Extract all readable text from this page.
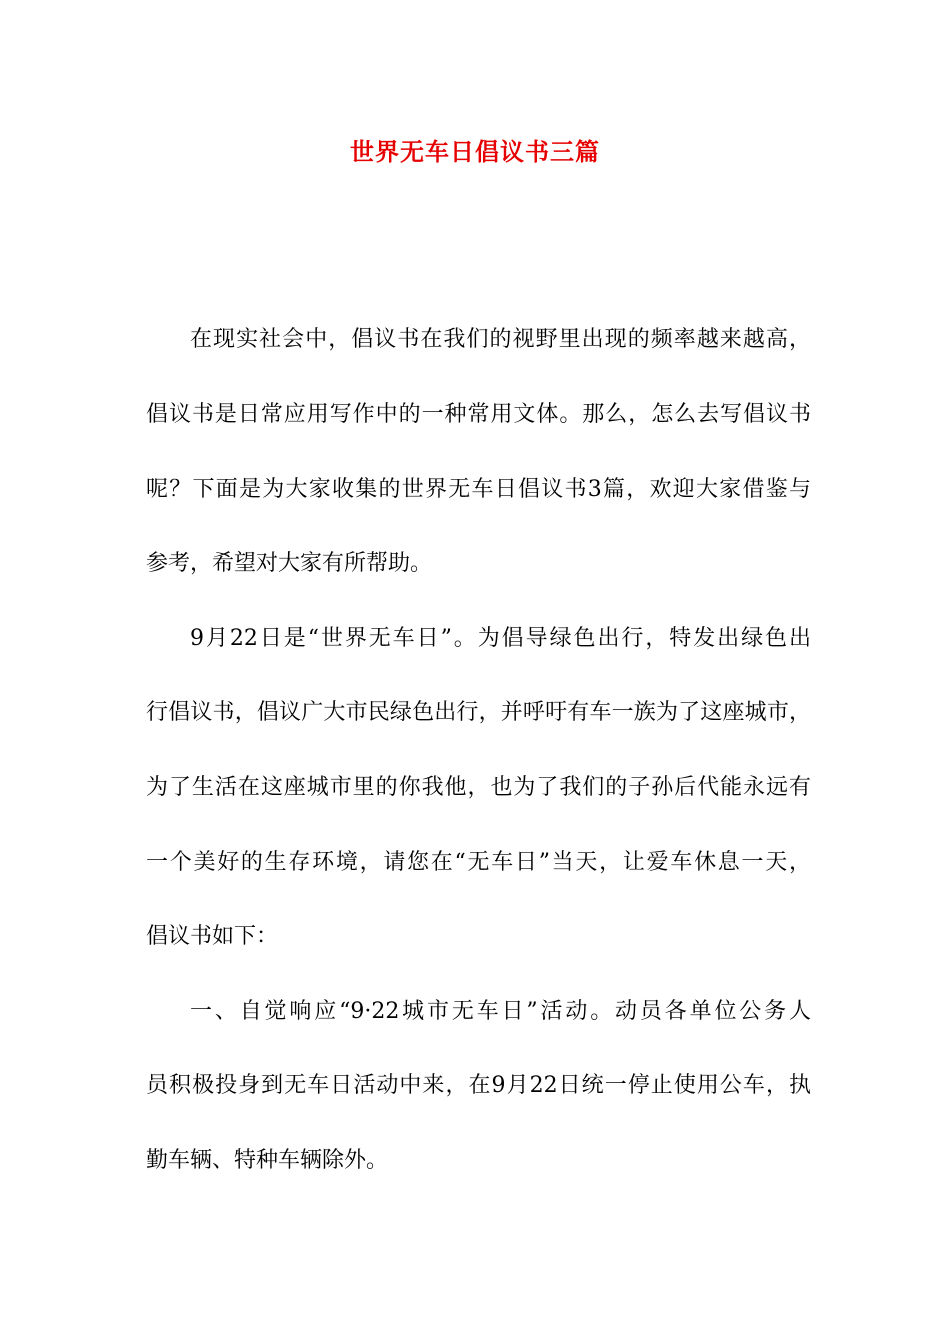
世界无车日倡议书三篇
在现实社会中，倡议书在我们的视野里出现的频率越来越高，
倡议书是日常应用写作中的一种常用文体。那么，怎么去写倡议书
呢？下面是为大家收集的世界无车日倡议书3篇，欢迎大家借鉴与
参考，希望对大家有所帮助。
9月22日是“世界无车日”。为倡导绿色出行，特发出绿色出
行倡议书，倡议广大市民绿色出行，并呼吁有车一族为了这座城市，
为了生活在这座城市里的你我他，也为了我们的子孙后代能永远有
一个美好的生存环境，请您在“无车日”当天，让爱车休息一天，
倡议书如下：
一、自觉响应“9·22城市无车日”活动。动员各单位公务人
员积极投身到无车日活动中来，在9月22日统一停止使用公车，执
勤车辆、特种车辆除外。
